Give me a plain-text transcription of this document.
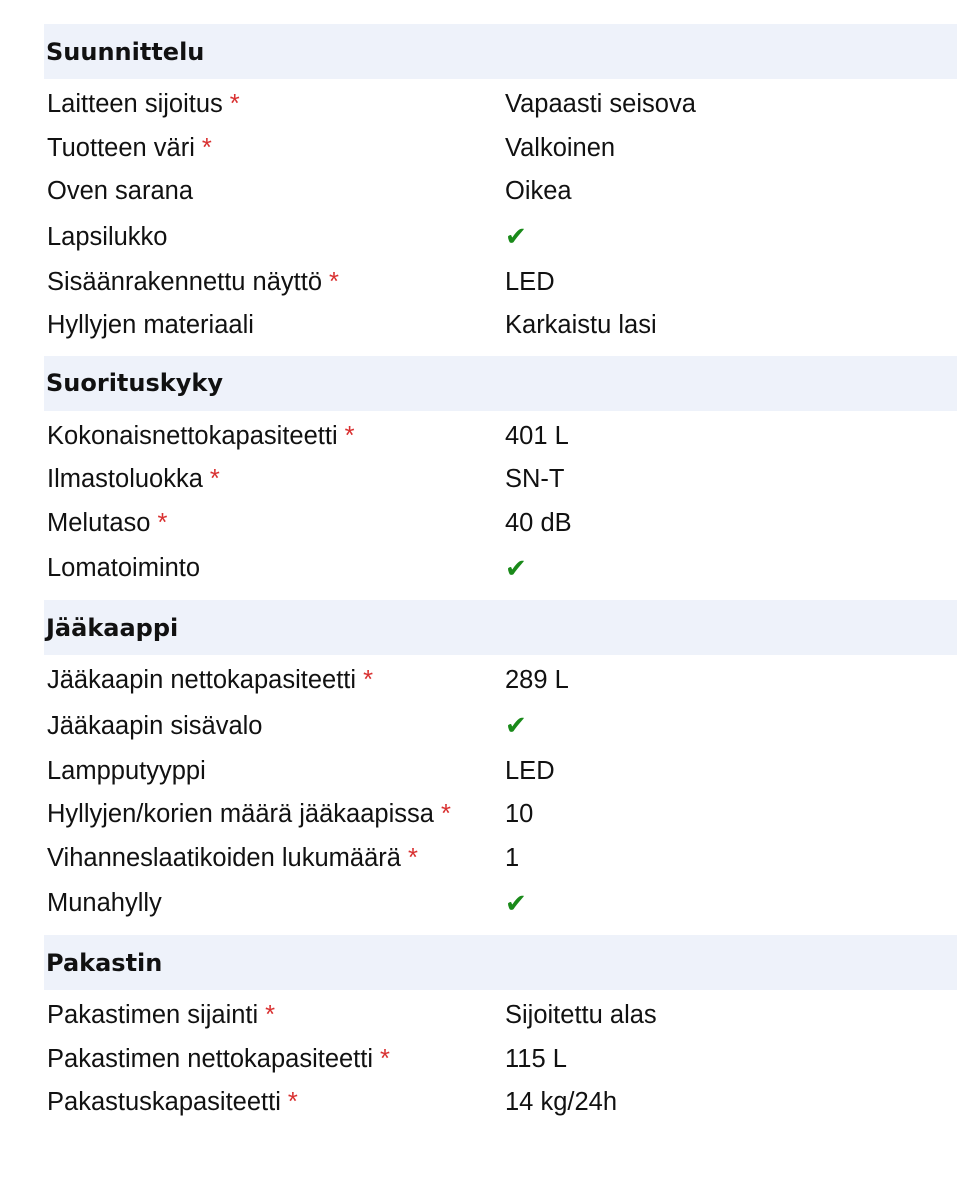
Suunnittelu
Laitteen sijoitus *	Vapaasti seisova
Tuotteen väri *	Valkoinen
Oven sarana	Oikea
Lapsilukko	✔
Sisäänrakennettu näyttö *	LED
Hyllyjen materiaali	Karkaistu lasi
Suorituskyky
Kokonaisnettokapasiteetti *	401 L
Ilmastoluokka *	SN-T
Melutaso *	40 dB
Lomatoiminto	✔
Jääkaappi
Jääkaapin nettokapasiteetti *	289 L
Jääkaapin sisävalo	✔
Lampputyyppi	LED
Hyllyjen/korien määrä jääkaapissa *	10
Vihanneslaatikoiden lukumäärä *	1
Munahylly	✔
Pakastin
Pakastimen sijainti *	Sijoitettu alas
Pakastimen nettokapasiteetti *	115 L
Pakastuskapasiteetti *	14 kg/24h
